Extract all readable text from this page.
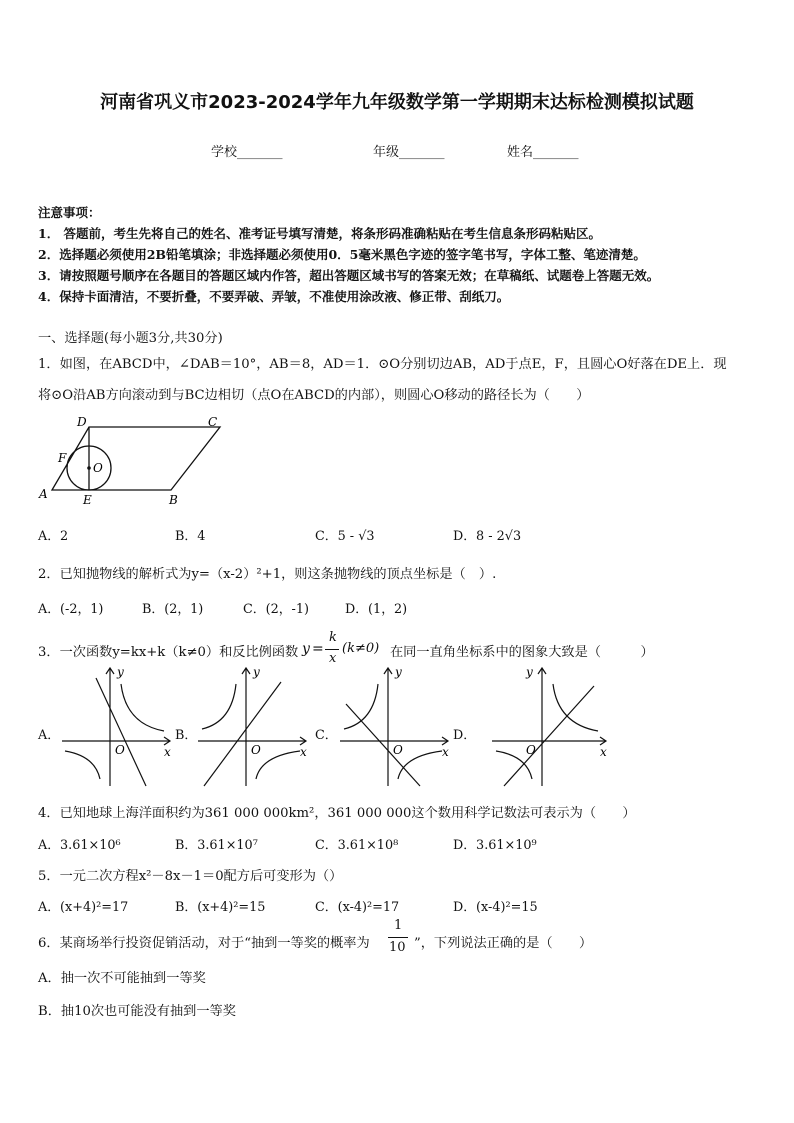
河南省巩义市2023-2024学年九年级数学第一学期期末达标检测模拟试题
学校_______	年级_______	姓名_______
注意事项：
1． 答题前，考生先将自己的姓名、准考证号填写清楚，将条形码准确粘贴在考生信息条形码粘贴区。
2．选择题必须使用2B铅笔填涂；非选择题必须使用0．5毫米黑色字迹的签字笔书写，字体工整、笔迹清楚。
3．请按照题号顺序在各题目的答题区域内作答，超出答题区域书写的答案无效；在草稿纸、试题卷上答题无效。
4．保持卡面清洁，不要折叠，不要弄破、弄皱，不准使用涂改液、修正带、刮纸刀。
一、选择题(每小题3分,共30分)
1．如图，在ABCD中，∠DAB＝10°，AB＝8，AD＝1．⊙O分别切边AB，AD于点E，F，且圆心O好落在DE上．现
将⊙O沿AB方向滚动到与BC边相切（点O在ABCD的内部），则圆心O移动的路径长为（　　）
A	B
C
D
E
F
O
A．2	B．4	C．5 - √3	D．8 - 2√3
2．已知抛物线的解析式为y=（x-2）²+1，则这条抛物线的顶点坐标是（　）.
A．(-2，1)	B．(2，1)	C．(2，-1)	D．(1，2)
3．一次函数y=kx+k（k≠0）和反比例函数 y =
k
x
(k≠0) 在同一直角坐标系中的图象大致是（　　　）
A．	B．	C．	D．
y
x
O
y
x
O
y
x
O
y
x
O
4．已知地球上海洋面积约为361 000 000km²，361 000 000这个数用科学记数法可表示为（　　）
A．3.61×10⁶	B．3.61×10⁷	C．3.61×10⁸	D．3.61×10⁹
5．一元二次方程x²－8x－1＝0配方后可变形为（）
A．(x+4)²=17	B．(x+4)²=15	C．(x-4)²=17	D．(x-4)²=15
6．某商场举行投资促销活动，对于“抽到一等奖的概率为
1
10 ”，下列说法正确的是（　　）
A．抽一次不可能抽到一等奖
B．抽10次也可能没有抽到一等奖
